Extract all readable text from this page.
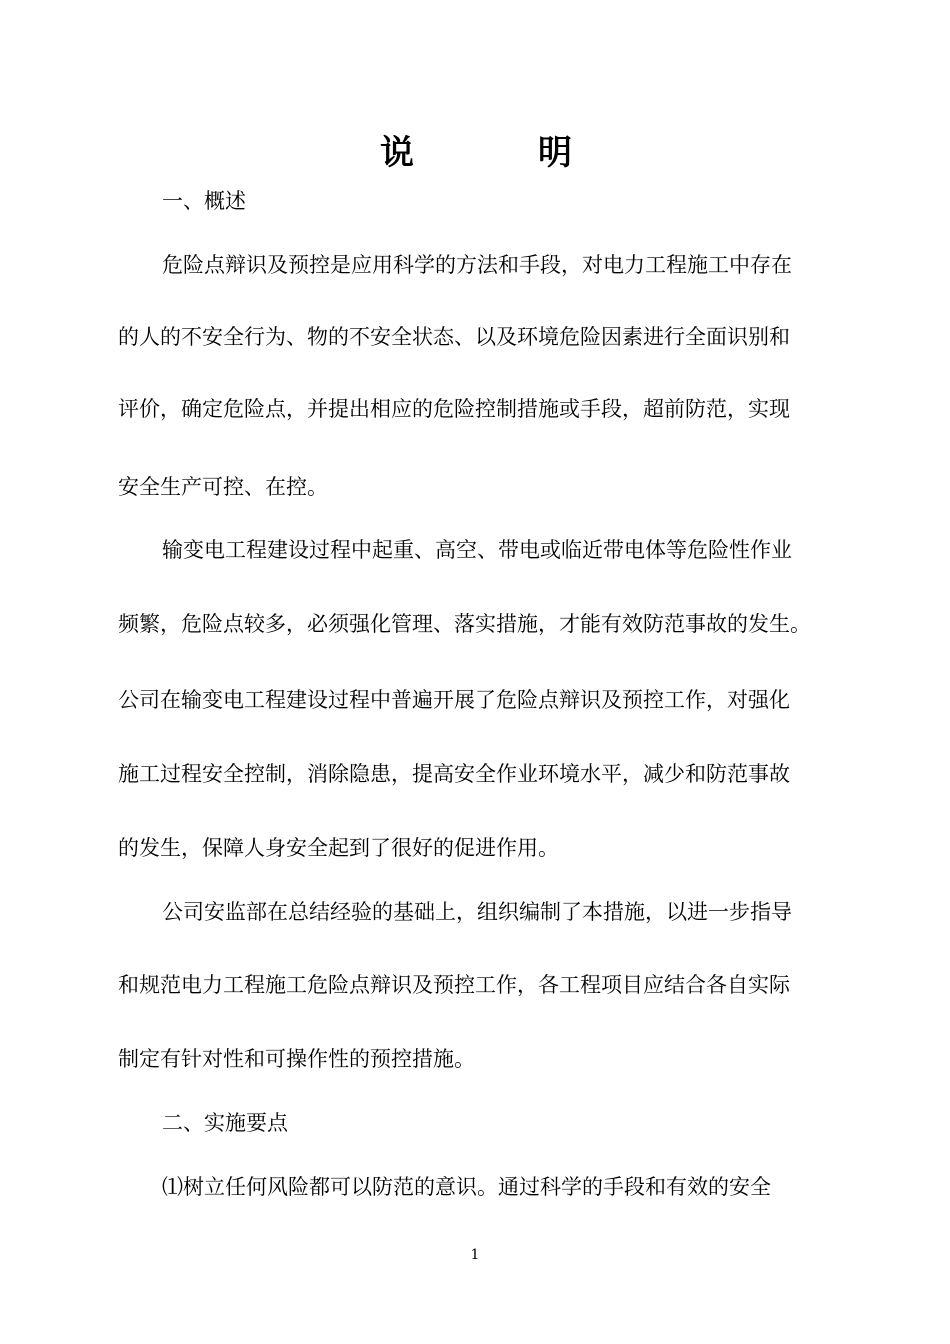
说	明
一、概述
危险点辩识及预控是应用科学的方法和手段，对电力工程施工中存在
的人的不安全行为、物的不安全状态、以及环境危险因素进行全面识别和
评价，确定危险点，并提出相应的危险控制措施或手段，超前防范，实现
安全生产可控、在控。
输变电工程建设过程中起重、高空、带电或临近带电体等危险性作业
频繁，危险点较多，必须强化管理、落实措施，才能有效防范事故的发生。
公司在输变电工程建设过程中普遍开展了危险点辩识及预控工作，对强化
施工过程安全控制，消除隐患，提高安全作业环境水平，减少和防范事故
的发生，保障人身安全起到了很好的促进作用。
公司安监部在总结经验的基础上，组织编制了本措施，以进一步指导
和规范电力工程施工危险点辩识及预控工作，各工程项目应结合各自实际
制定有针对性和可操作性的预控措施。
二、实施要点
⑴树立任何风险都可以防范的意识。通过科学的手段和有效的安全
1
